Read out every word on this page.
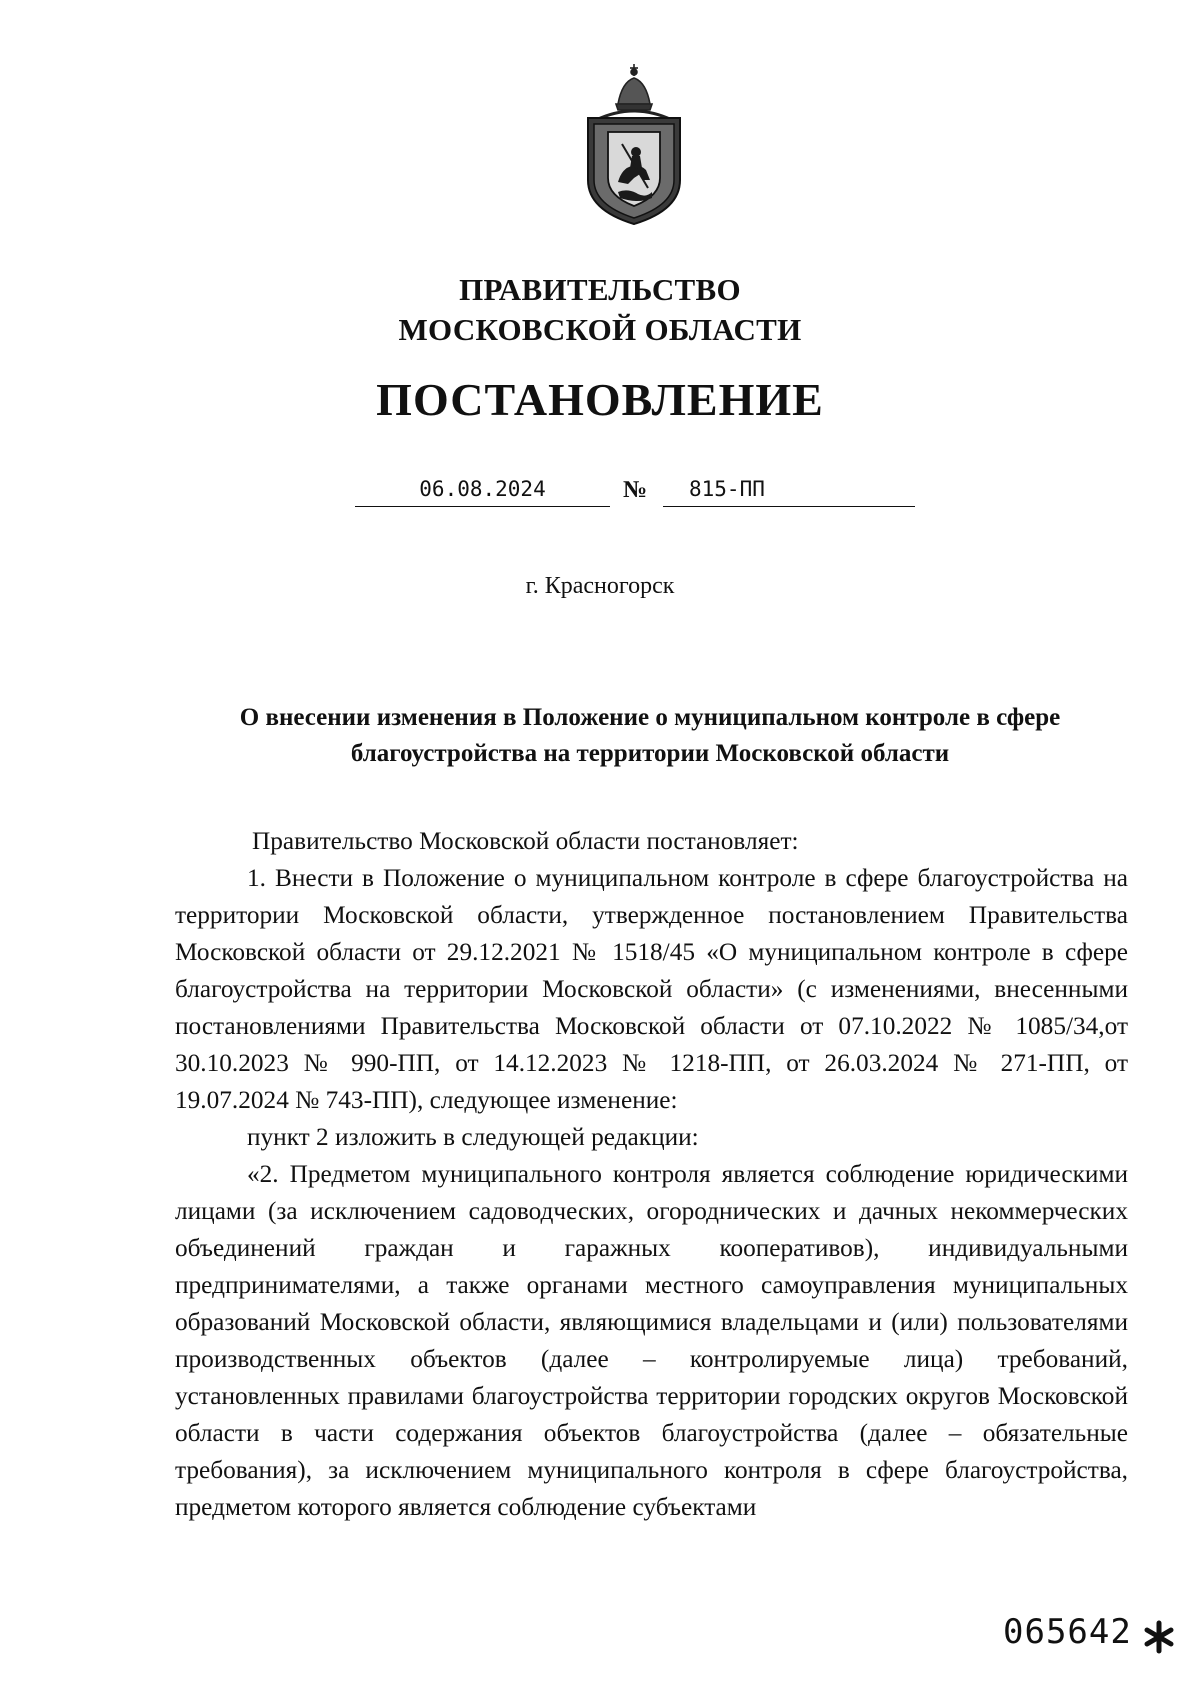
ПРАВИТЕЛЬСТВО
МОСКОВСКОЙ ОБЛАСТИ
ПОСТАНОВЛЕНИЕ
06.08.2024	№	815-ПП
г. Красногорск
О внесении изменения в Положение о муниципальном контроле в сфере
благоустройства на территории Московской области

Правительство Московской области постановляет:

1. Внести в Положение о муниципальном контроле в сфере благоустройства на территории Московской области, утвержденное постановлением Правительства Московской области от 29.12.2021 № 1518/45 «О муниципальном контроле в сфере благоустройства на территории Московской области» (с изменениями, внесенными постановлениями Правительства Московской области от 07.10.2022 № 1085/34,от 30.10.2023 № 990-ПП, от 14.12.2023 № 1218-ПП, от 26.03.2024 № 271-ПП, от 19.07.2024 № 743-ПП), следующее изменение:

пункт 2 изложить в следующей редакции:

«2. Предметом муниципального контроля является соблюдение юридическими лицами (за исключением садоводческих, огороднических и дачных некоммерческих объединений граждан и гаражных кооперативов), индивидуальными предпринимателями, а также органами местного самоуправления муниципальных образований Московской области, являющимися владельцами и (или) пользователями производственных объектов (далее – контролируемые лица) требований, установленных правилами благоустройства территории городских округов Московской области в части содержания объектов благоустройства (далее – обязательные требования), за исключением муниципального контроля в сфере благоустройства, предметом которого является соблюдение субъектами

065642
